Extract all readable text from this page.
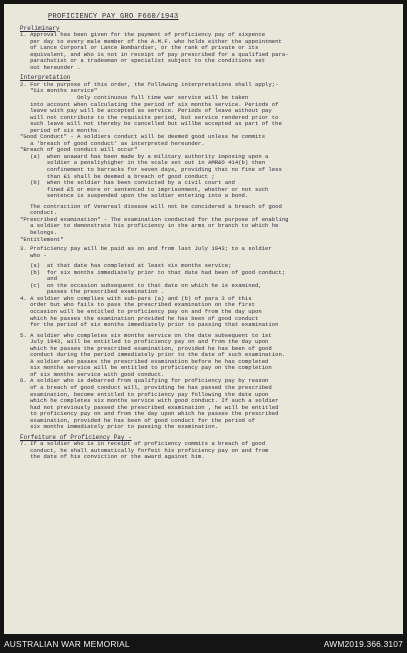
PROFICIENCY PAY GRO F660/1943
Preliminary
1. Approval has been given for the payment of proficiency pay of sixpence
per day to every male member of the A.M.F. who holds either the appointment
of Lance Corporal or Lance Bombardier, or the rank of private or its
equivalent, and who is not in receipt of pay prescribed for a qualified para-
parachutist or a tradesman or specialist subject to the conditions set
out hereunder .
Interpretation
2. For the purpose of this order, the following interpretations shall apply;-
"Six months service"
Only continuous full time war service will be taken
into account when calculating the period of six months service. Periods of
leave with pay will be accepted as service. Periods of leave without pay
will not contribute to the requisite period, but service rendered prior to
such leave will not thereby be cancelled but willbe accepted as part of the
period of six months.
"Good Conduct" - A soldiers conduct will be deemed good unless he commits
a 'breach of good conduct' as interpreted hereunder.
"Breach of good conduct will occur"
(a)  when anaward has been made by a military authority imposing upon a
soldier a penaltyhigher in the scale set out in AMR&O 414(b) then
confinement to barracks for seven days, providing that no fine of less
than £1 shall be deemed a breach of good conduct ;
(b)  when the soldier has been convicted by a civil court and
fined £5 or more or sentenced to imprisonment, whether or not such
sentence is suspended upon the soldier entering into a bond.
The contraction of Venereal disease will not be concidered a breach of good
conduct.
"Prescribed examination" - The examination conducted for the purpose of enabling
a soldier to demonstrate his proficiency in the arms or branch to which he
belongs.
"Entitlement"
3. Proficiency pay will be paid as on and from last July 1943; to a soldier
who -
(a)  at that date has completed at least six months service;
(b)  for six months immediately prior to that date had been of good conduct;
and
(c)  on the occasion subsequent to that date on which he is examined,
passes the prescribed examination .
4. A soldier who complies with sub-pars (a) and (b) of para 3 of this
order but who fails to pass the prescribed examination on the first
occasion will be entitled to proficiency pay on and from the day upon
which he passes the examination provided he has been of good conduct
for the period of six months immediately prior to passing that examination
5. A soldier who completes six months service on the date subsequent to 1st
July 1943, will be entitled to proficiency pay on and from the day upon
which he passes the prescribed examination, provided he has been of good
conduct during the period immediately prior to the date of such examination.
A soldier who passes the prescribed examination before he has completed
six months service will be entitled to proficiency pay on the completion
of six months service with good conduct.
6. A soldier who is debarred from qualifying for proficiency pay by reason
of a breach of good conduct will, providing he has passed the prescribed
examination, become entitled to proficiency pay following the date upon
which he completes six months service with good conduct. If such a soldier
had not previously passed the prescribed examination , he will be entitled
to proficiency pay on and from the day upon which he passes the prescribed
examination, provided he has been of good conduct for the period of
six months immediately prior to passing the examination.
Forfeiture of Proficiency Pay -
7. If a soldier who is in receipt of proficiency commits a breach of good
conduct, he shall automatically forfeit his proficiency pay on and from
the date of his conviction or the award against him.
AUSTRALIAN WAR MEMORIAL	AWM2019.366.3107
